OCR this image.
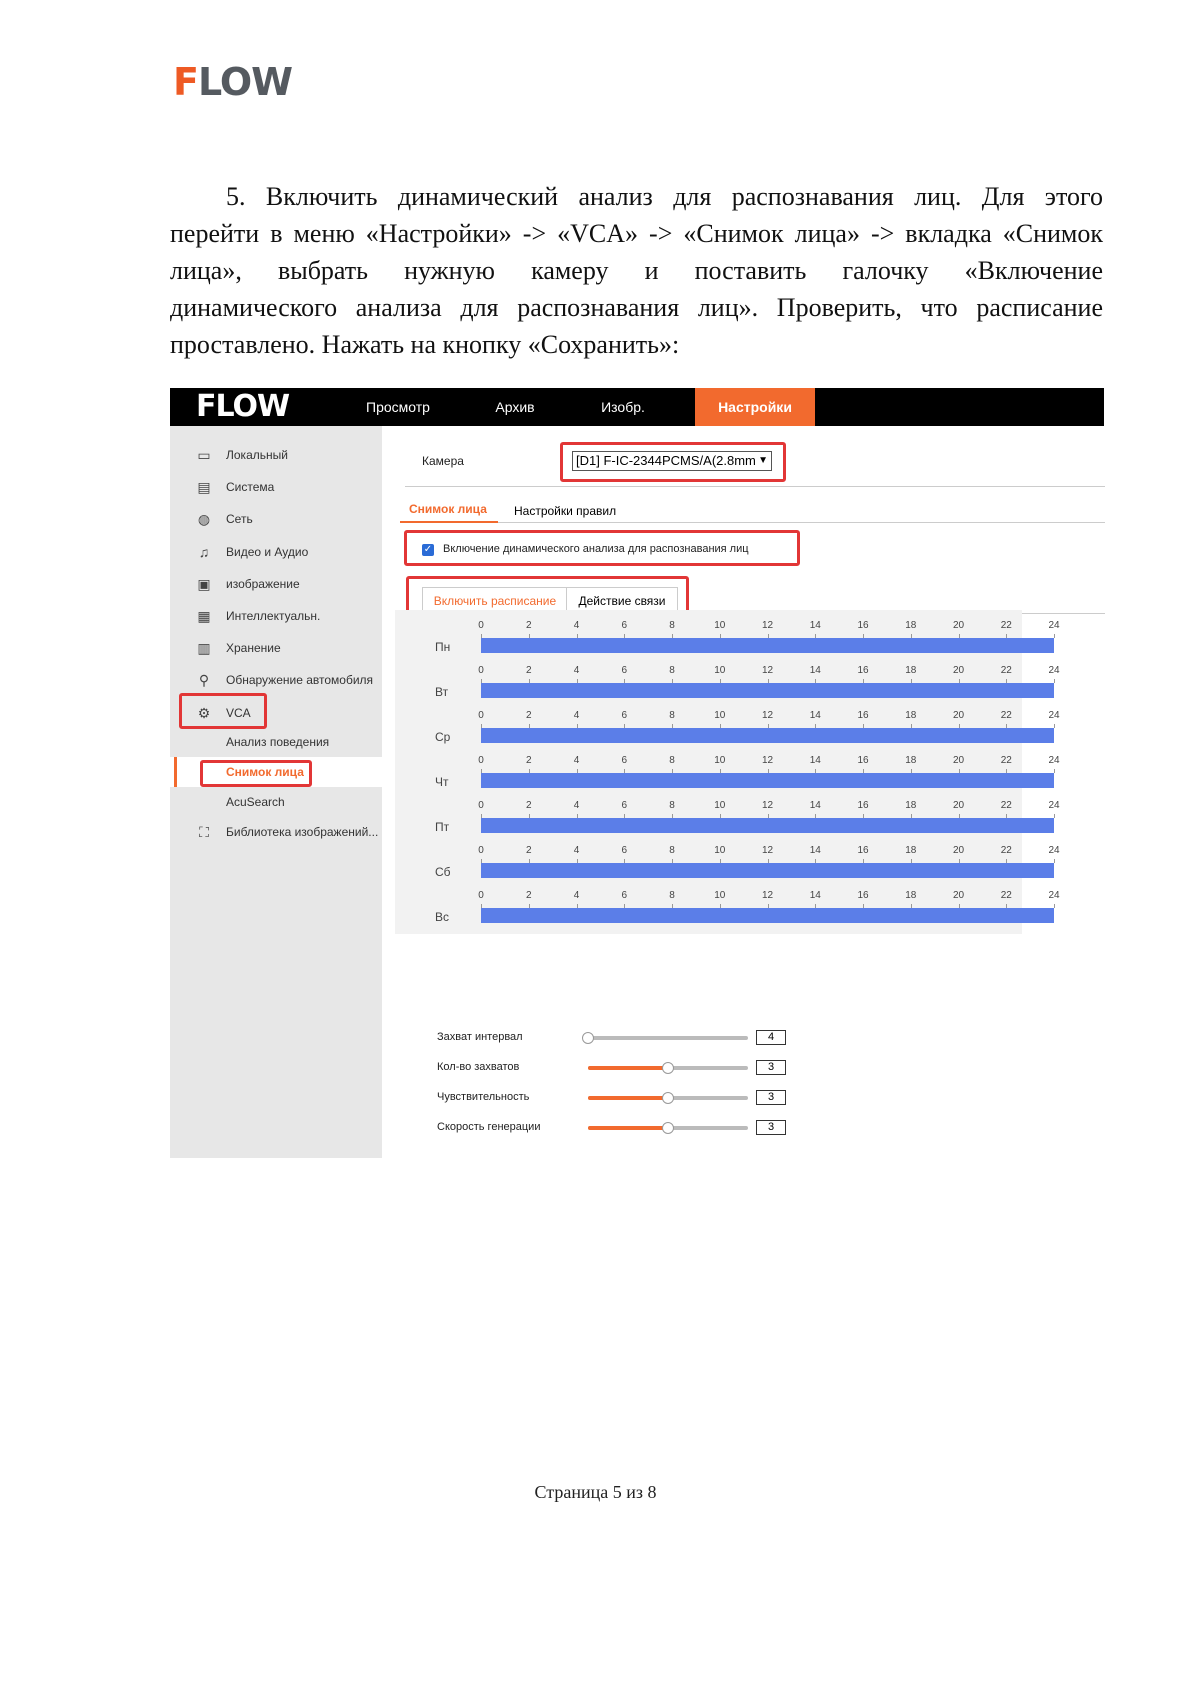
FLOW
5. Включить динамический анализ для распознавания лиц. Для этого
перейти в меню «Настройки» -> «VCA» -> «Снимок лица» -> вкладка «Снимок
лица», выбрать нужную камеру и поставить галочку «Включение
динамического анализа для распознавания лиц». Проверить, что расписание
проставлено. Нажать на кнопку «Сохранить»:
FLOW	Просмотр	Архив	Изобр.	Настройки
▭ Локальный
▤ Система
◍ Сеть
♫	Видео и Аудио
▣ изображение
▦ Интеллектуальн.
▥ Хранение
⚲	Обнаружение автомобиля
⚙ VCA
Анализ поведения
Снимок лица
AcuSearch
⛶	Библиотека изображений...
Камера	[D1] F-IC-2344PCMS/A(2.8mm ▼
Снимок лица Настройки правил
✓ Включение динамического анализа для распознавания лиц
Включить расписание	Действие связи
Пн
0	2	4	6	8	10	12	14	16	18	20	22	24
Вт
0	2	4	6	8	10	12	14	16	18	20	22	24
Ср
0	2	4	6	8	10	12	14	16	18	20	22	24
Чт
0	2	4	6	8	10	12	14	16	18	20	22	24
Пт
0	2	4	6	8	10	12	14	16	18	20	22	24
Сб
0	2	4	6	8	10	12	14	16	18	20	22	24
Вс
0	2	4	6	8	10	12	14	16	18	20	22	24
Захват интервал	4
Кол-во захватов	3
Чувствительность	3
Скорость генерации	3
Страница 5 из 8
